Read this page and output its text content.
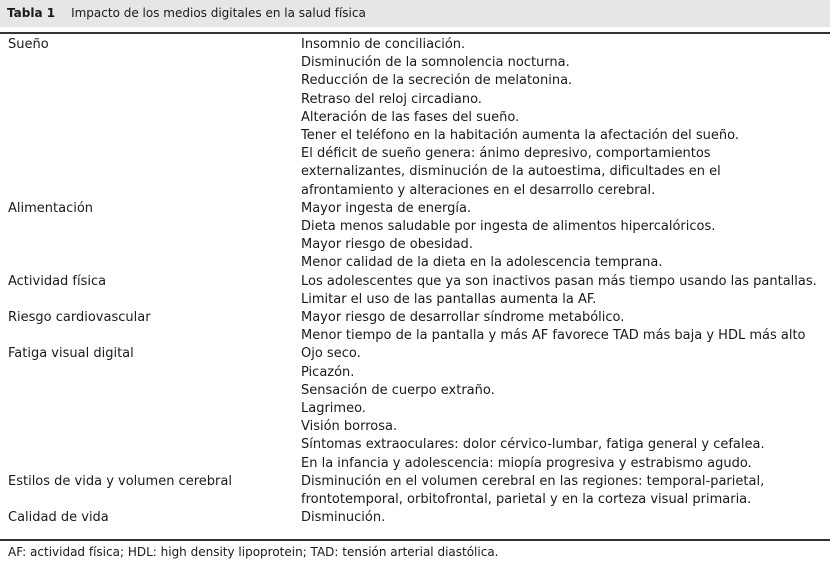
Tabla 1 Impacto de los medios digitales en la salud física
Sueño	Insomnio de conciliación.
Disminución de la somnolencia nocturna.
Reducción de la secreción de melatonina.
Retraso del reloj circadiano.
Alteración de las fases del sueño.
Tener el teléfono en la habitación aumenta la afectación del sueño.
El déficit de sueño genera: ánimo depresivo, comportamientos
externalizantes, disminución de la autoestima, dificultades en el
afrontamiento y alteraciones en el desarrollo cerebral.
Alimentación	Mayor ingesta de energía.
Dieta menos saludable por ingesta de alimentos hipercalóricos.
Mayor riesgo de obesidad.
Menor calidad de la dieta en la adolescencia temprana.
Actividad física	Los adolescentes que ya son inactivos pasan más tiempo usando las pantallas.
Limitar el uso de las pantallas aumenta la AF.
Riesgo cardiovascular	Mayor riesgo de desarrollar síndrome metabólico.
Menor tiempo de la pantalla y más AF favorece TAD más baja y HDL más alto
Fatiga visual digital	Ojo seco.
Picazón.
Sensación de cuerpo extraño.
Lagrimeo.
Visión borrosa.
Síntomas extraoculares: dolor cérvico-lumbar, fatiga general y cefalea.
En la infancia y adolescencia: miopía progresiva y estrabismo agudo.
Estilos de vida y volumen cerebral	Disminución en el volumen cerebral en las regiones: temporal-parietal,
frontotemporal, orbitofrontal, parietal y en la corteza visual primaria.
Calidad de vida	Disminución.
AF: actividad física; HDL: high density lipoprotein; TAD: tensión arterial diastólica.
